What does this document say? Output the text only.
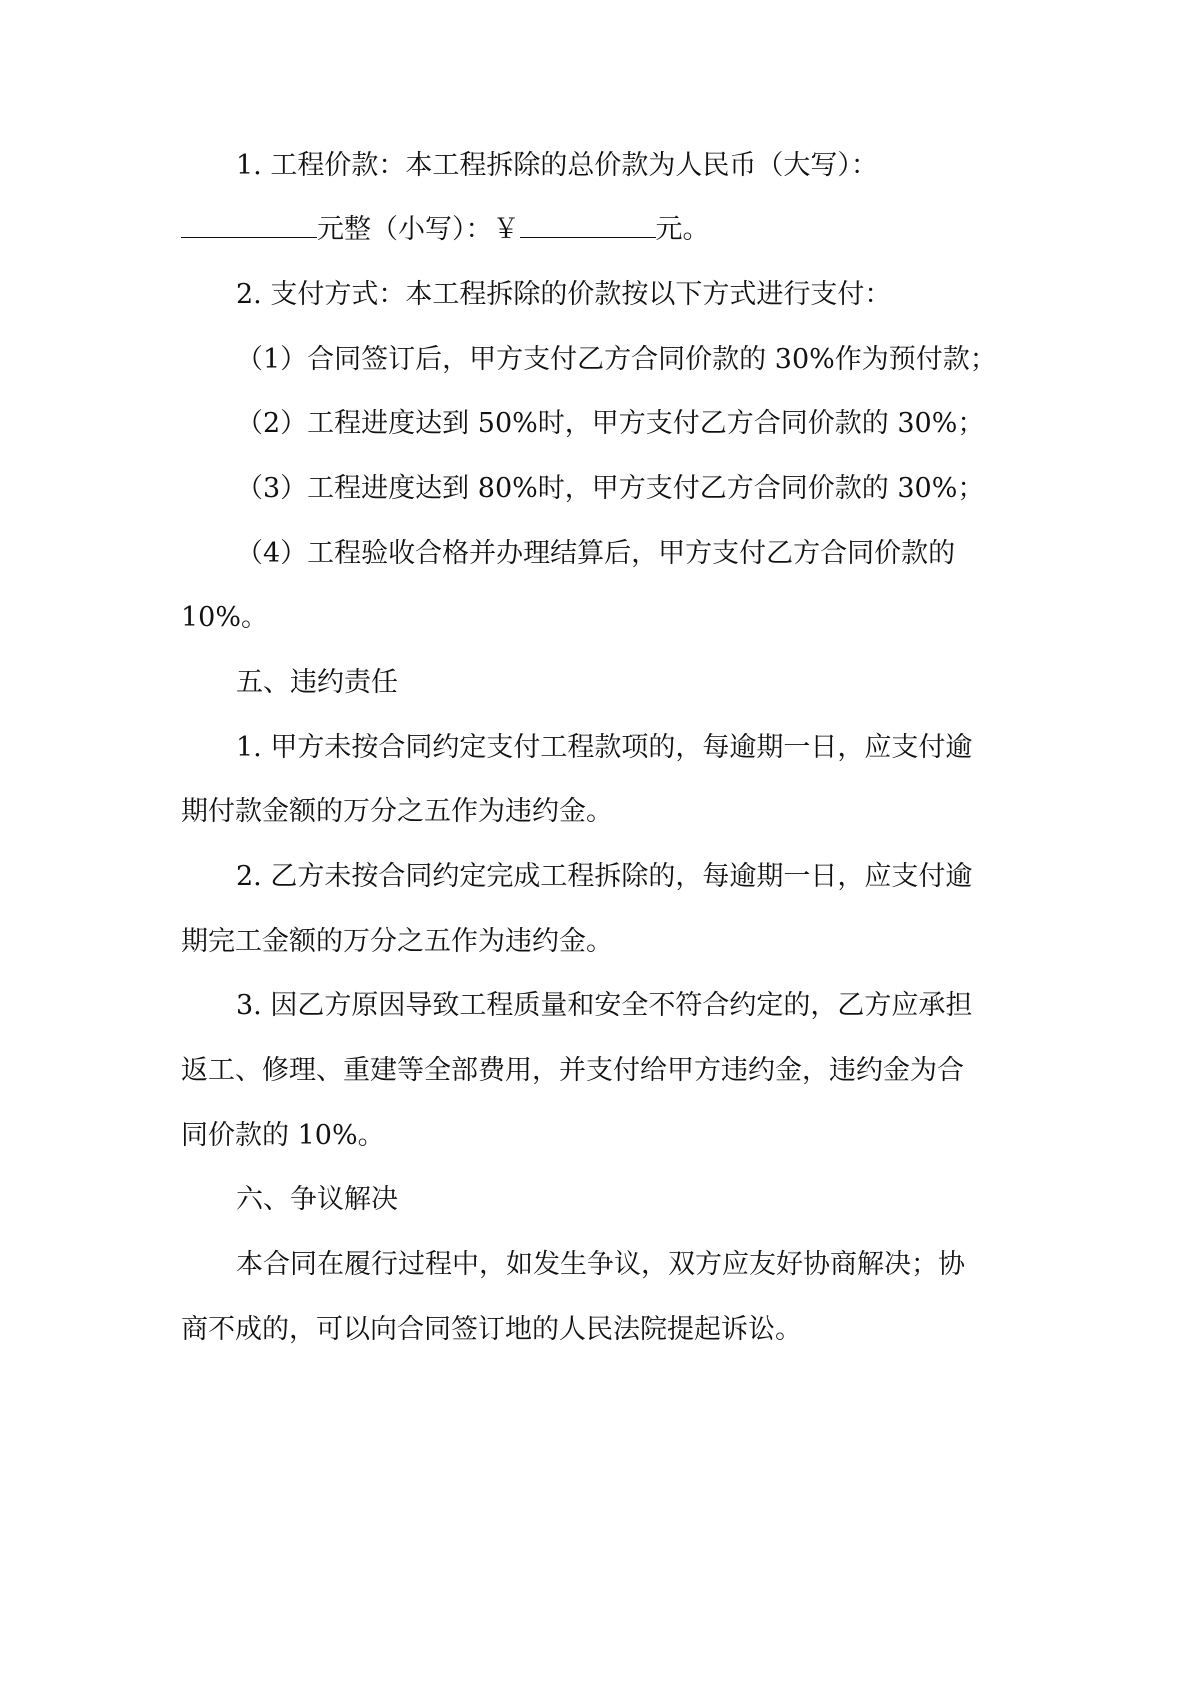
1. 工程价款：本工程拆除的总价款为人民币（大写）：
元整（小写）：￥	元。
2. 支付方式：本工程拆除的价款按以下方式进行支付：
（1）合同签订后，甲方支付乙方合同价款的 30%作为预付款；
（2）工程进度达到 50%时，甲方支付乙方合同价款的 30%；
（3）工程进度达到 80%时，甲方支付乙方合同价款的 30%；
（4）工程验收合格并办理结算后，甲方支付乙方合同价款的
10%。
五、违约责任
1. 甲方未按合同约定支付工程款项的，每逾期一日，应支付逾
期付款金额的万分之五作为违约金。
2. 乙方未按合同约定完成工程拆除的，每逾期一日，应支付逾
期完工金额的万分之五作为违约金。
3. 因乙方原因导致工程质量和安全不符合约定的，乙方应承担
返工、修理、重建等全部费用，并支付给甲方违约金，违约金为合
同价款的 10%。
六、争议解决
本合同在履行过程中，如发生争议，双方应友好协商解决；协
商不成的，可以向合同签订地的人民法院提起诉讼。
